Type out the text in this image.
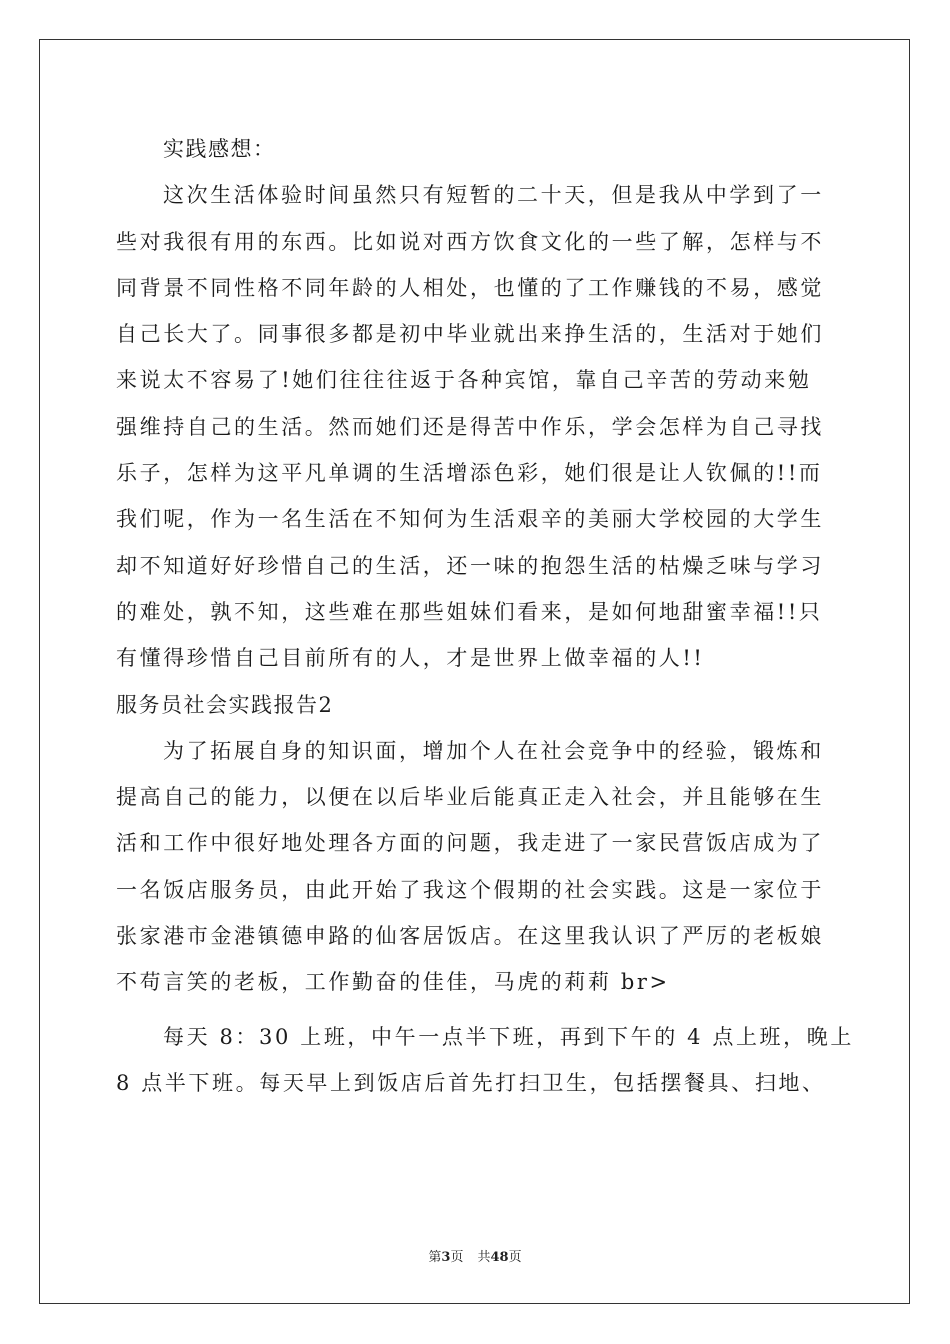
实践感想：
这次生活体验时间虽然只有短暂的二十天，但是我从中学到了一
些对我很有用的东西。比如说对西方饮食文化的一些了解，怎样与不
同背景不同性格不同年龄的人相处，也懂的了工作赚钱的不易，感觉
自己长大了。同事很多都是初中毕业就出来挣生活的，生活对于她们
来说太不容易了!她们往往往返于各种宾馆，靠自己辛苦的劳动来勉
强维持自己的生活。然而她们还是得苦中作乐，学会怎样为自己寻找
乐子，怎样为这平凡单调的生活增添色彩，她们很是让人钦佩的!!而
我们呢，作为一名生活在不知何为生活艰辛的美丽大学校园的大学生
却不知道好好珍惜自己的生活，还一味的抱怨生活的枯燥乏味与学习
的难处，孰不知，这些难在那些姐妹们看来，是如何地甜蜜幸福!!只
有懂得珍惜自己目前所有的人，才是世界上做幸福的人!!
服务员社会实践报告2
为了拓展自身的知识面，增加个人在社会竞争中的经验，锻炼和
提高自己的能力，以便在以后毕业后能真正走入社会，并且能够在生
活和工作中很好地处理各方面的问题，我走进了一家民营饭店成为了
一名饭店服务员，由此开始了我这个假期的社会实践。这是一家位于
张家港市金港镇德申路的仙客居饭店。在这里我认识了严厉的老板娘
不苟言笑的老板，工作勤奋的佳佳，马虎的莉莉 br>
每天 8：30 上班，中午一点半下班，再到下午的 4 点上班，晚上
8 点半下班。每天早上到饭店后首先打扫卫生，包括摆餐具、扫地、
第3页 共48页
